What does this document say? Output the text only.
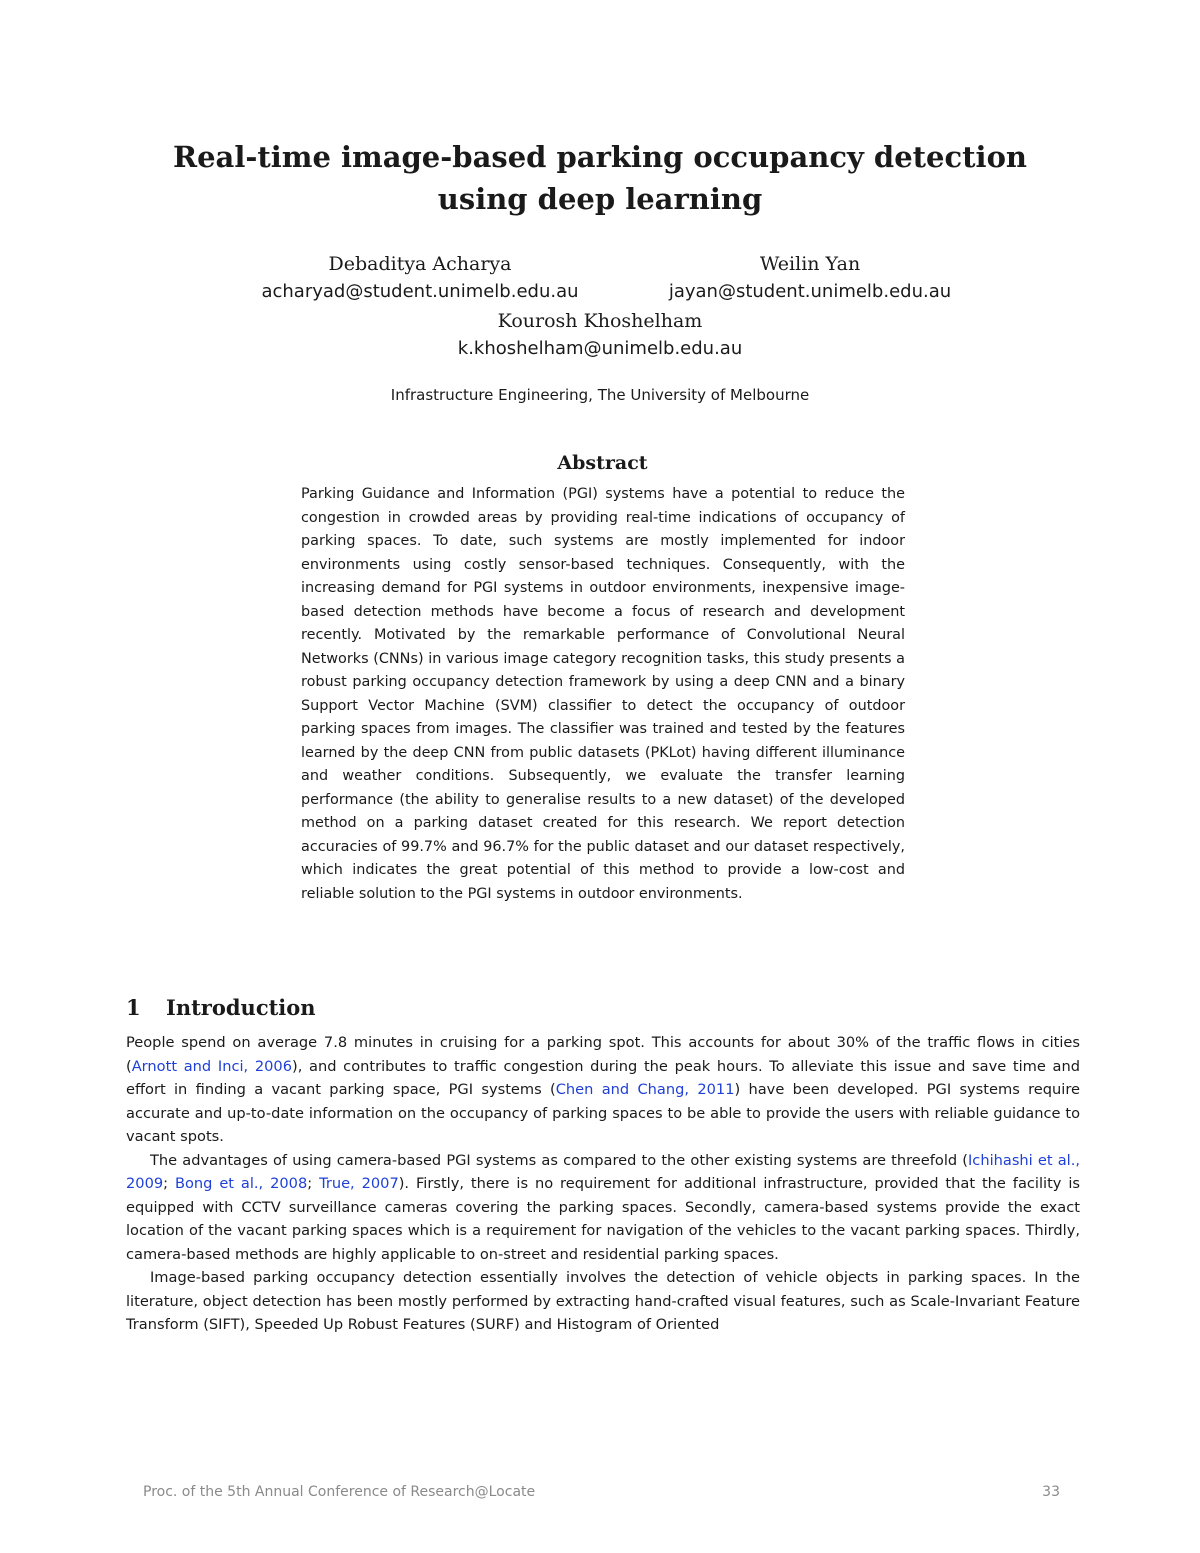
Real-time image-based parking occupancy detection
using deep learning
Debaditya Acharya
acharyad@student.unimelb.edu.au
Weilin Yan
jayan@student.unimelb.edu.au
Kourosh Khoshelham
k.khoshelham@unimelb.edu.au
Infrastructure Engineering, The University of Melbourne
Abstract
Parking Guidance and Information (PGI) systems have a potential to reduce the congestion in crowded areas by providing real-time indications of occupancy of parking spaces. To date, such systems are mostly implemented for indoor environments using costly sensor-based techniques. Consequently, with the increasing demand for PGI systems in outdoor environments, inexpensive image-based detection methods have become a focus of research and development recently. Motivated by the remarkable performance of Convolutional Neural Networks (CNNs) in various image category recognition tasks, this study presents a robust parking occupancy detection framework by using a deep CNN and a binary Support Vector Machine (SVM) classifier to detect the occupancy of outdoor parking spaces from images. The classifier was trained and tested by the features learned by the deep CNN from public datasets (PKLot) having different illuminance and weather conditions. Subsequently, we evaluate the transfer learning performance (the ability to generalise results to a new dataset) of the developed method on a parking dataset created for this research. We report detection accuracies of 99.7% and 96.7% for the public dataset and our dataset respectively, which indicates the great potential of this method to provide a low-cost and reliable solution to the PGI systems in outdoor environments.
1 Introduction

People spend on average 7.8 minutes in cruising for a parking spot. This accounts for about 30% of the traffic flows in cities (Arnott and Inci, 2006), and contributes to traffic congestion during the peak hours. To alleviate this issue and save time and effort in finding a vacant parking space, PGI systems (Chen and Chang, 2011) have been developed. PGI systems require accurate and up-to-date information on the occupancy of parking spaces to be able to provide the users with reliable guidance to vacant spots.

The advantages of using camera-based PGI systems as compared to the other existing systems are threefold (Ichihashi et al., 2009; Bong et al., 2008; True, 2007). Firstly, there is no requirement for additional infrastructure, provided that the facility is equipped with CCTV surveillance cameras covering the parking spaces. Secondly, camera-based systems provide the exact location of the vacant parking spaces which is a requirement for navigation of the vehicles to the vacant parking spaces. Thirdly, camera-based methods are highly applicable to on-street and residential parking spaces.

Image-based parking occupancy detection essentially involves the detection of vehicle objects in parking spaces. In the literature, object detection has been mostly performed by extracting hand-crafted visual features, such as Scale-Invariant Feature Transform (SIFT), Speeded Up Robust Features (SURF) and Histogram of Oriented

Proc. of the 5th Annual Conference of Research@Locate	33
